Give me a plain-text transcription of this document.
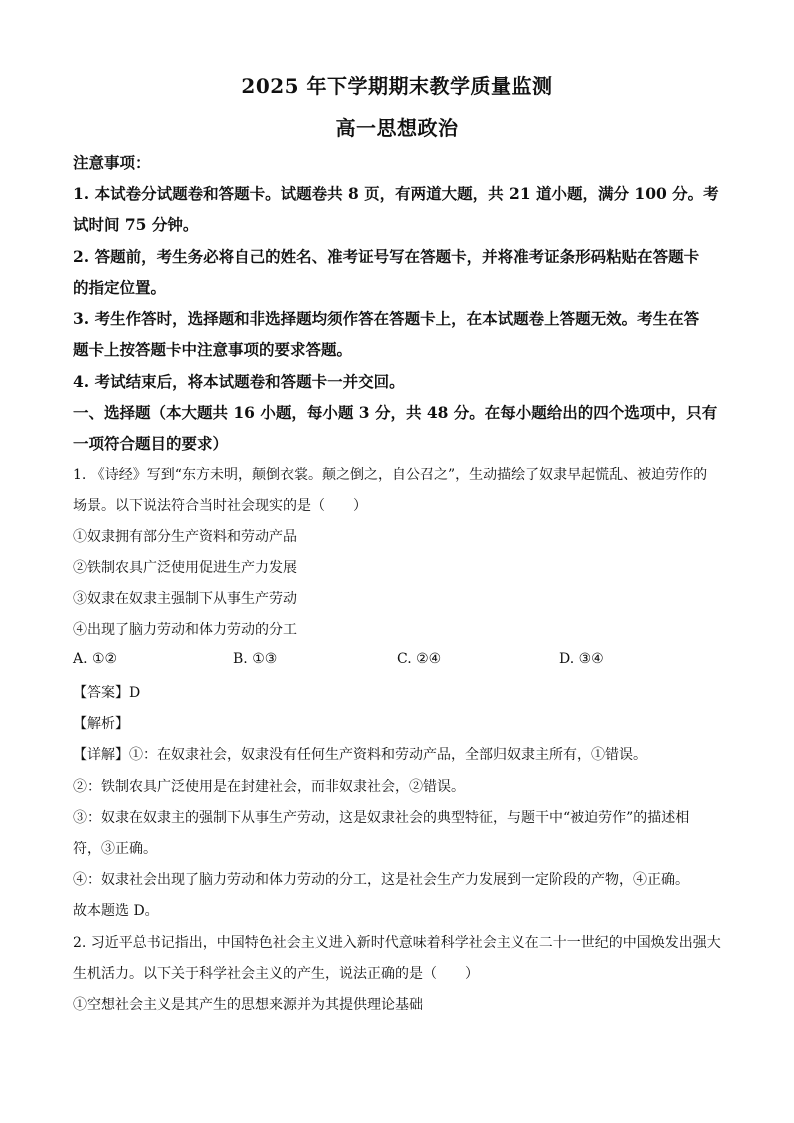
2025 年下学期期末教学质量监测
高一思想政治
注意事项：
1. 本试卷分试题卷和答题卡。试题卷共 8 页，有两道大题，共 21 道小题，满分 100 分。考
试时间 75 分钟。
2. 答题前，考生务必将自己的姓名、准考证号写在答题卡，并将准考证条形码粘贴在答题卡
的指定位置。
3. 考生作答时，选择题和非选择题均须作答在答题卡上，在本试题卷上答题无效。考生在答
题卡上按答题卡中注意事项的要求答题。
4. 考试结束后，将本试题卷和答题卡一并交回。
一、选择题（本大题共 16 小题，每小题 3 分，共 48 分。在每小题给出的四个选项中，只有
一项符合题目的要求）
1. 《诗经》写到“东方未明，颠倒衣裳。颠之倒之，自公召之”，生动描绘了奴隶早起慌乱、被迫劳作的
场景。以下说法符合当时社会现实的是（　　）
①奴隶拥有部分生产资料和劳动产品
②铁制农具广泛使用促进生产力发展
③奴隶在奴隶主强制下从事生产劳动
④出现了脑力劳动和体力劳动的分工
A. ①②	B. ①③	C. ②④	D. ③④
【答案】D
【解析】
【详解】①：在奴隶社会，奴隶没有任何生产资料和劳动产品，全部归奴隶主所有，①错误。
②：铁制农具广泛使用是在封建社会，而非奴隶社会，②错误。
③：奴隶在奴隶主的强制下从事生产劳动，这是奴隶社会的典型特征，与题干中“被迫劳作”的描述相
符，③正确。
④：奴隶社会出现了脑力劳动和体力劳动的分工，这是社会生产力发展到一定阶段的产物，④正确。
故本题选 D。
2. 习近平总书记指出，中国特色社会主义进入新时代意味着科学社会主义在二十一世纪的中国焕发出强大
生机活力。以下关于科学社会主义的产生，说法正确的是（　　）
①空想社会主义是其产生的思想来源并为其提供理论基础
